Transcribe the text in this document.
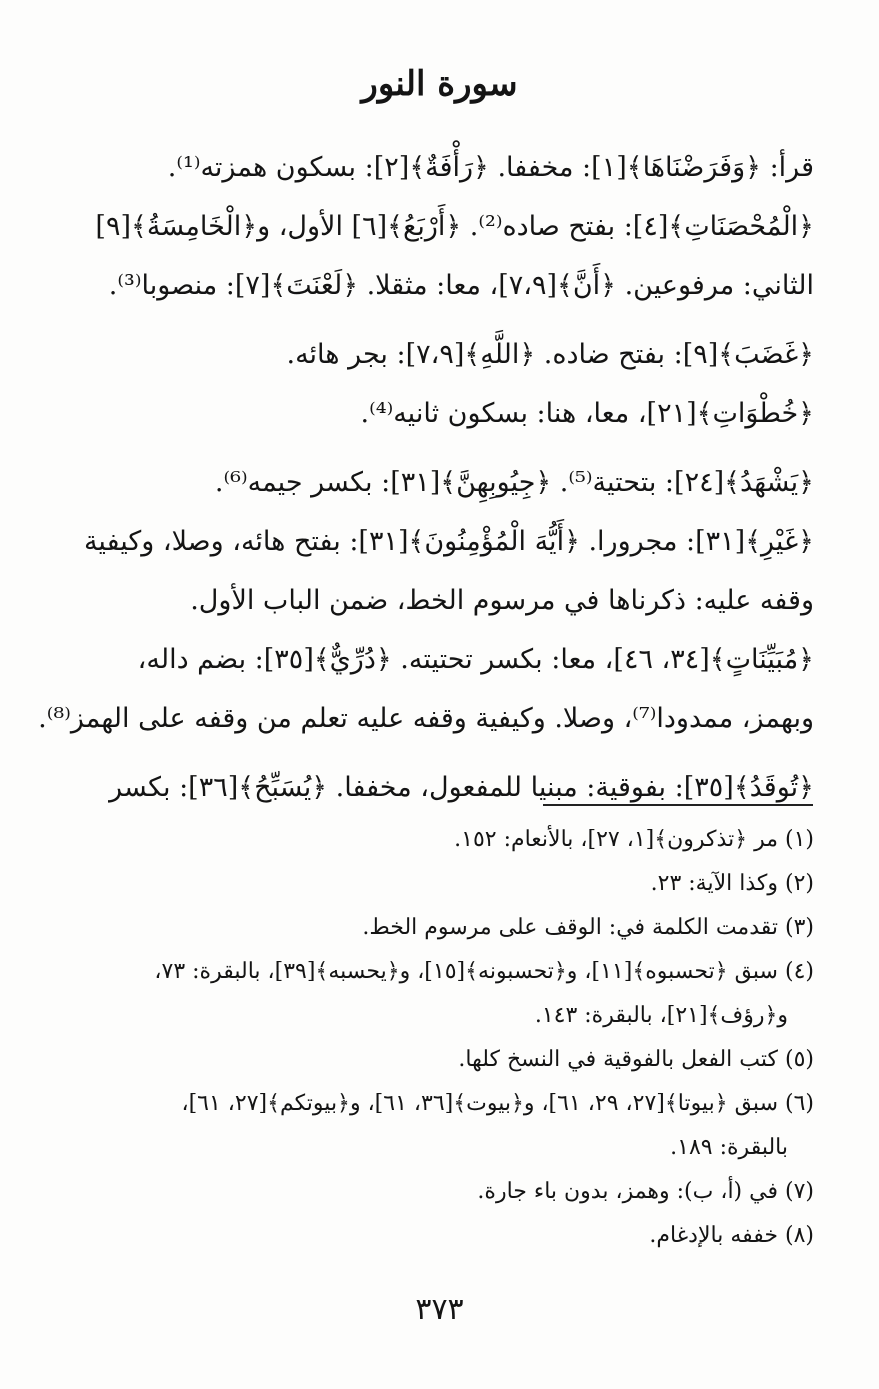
سورة النور

قرأ: ﴿وَفَرَضْنَاهَا﴾[١]: مخففا. ﴿رَأْفَةٌ﴾[٢]: بسكون همزته⁽¹⁾.
﴿الْمُحْصَنَاتِ﴾[٤]: بفتح صاده⁽²⁾. ﴿أَرْبَعُ﴾[٦] الأول، و﴿الْخَامِسَةُ﴾[٩]
الثاني: مرفوعين. ﴿أَنَّ﴾[٧،٩]، معا: مثقلا. ﴿لَعْنَتَ﴾[٧]: منصوبا⁽³⁾.

﴿غَضَبَ﴾[٩]: بفتح ضاده. ﴿اللَّهِ﴾[٧،٩]: بجر هائه.
﴿خُطْوَاتِ﴾[٢١]، معا، هنا: بسكون ثانيه⁽⁴⁾.

﴿يَشْهَدُ﴾[٢٤]: بتحتية⁽⁵⁾. ﴿جِيُوبِهِنَّ﴾[٣١]: بكسر جيمه⁽⁶⁾.
﴿غَيْرِ﴾[٣١]: مجرورا. ﴿أَيُّهَ الْمُؤْمِنُونَ﴾[٣١]: بفتح هائه، وصلا، وكيفية
وقفه عليه: ذكرناها في مرسوم الخط، ضمن الباب الأول.
﴿مُبَيِّنَاتٍ﴾[٣٤، ٤٦]، معا: بكسر تحتيته. ﴿دُرِّيٌّ﴾[٣٥]: بضم داله،
وبهمز، ممدودا⁽⁷⁾، وصلا. وكيفية وقفه عليه تعلم من وقفه على الهمز⁽⁸⁾.

﴿تُوقَدُ﴾[٣٥]: بفوقية: مبنيا للمفعول، مخففا. ﴿يُسَبِّحُ﴾[٣٦]: بكسر

(١) مر ﴿تذكرون﴾[١، ٢٧]، بالأنعام: ١٥٢.
(٢) وكذا الآية: ٢٣.
(٣) تقدمت الكلمة في: الوقف على مرسوم الخط.
(٤) سبق ﴿تحسبوه﴾[١١]، و﴿تحسبونه﴾[١٥]، و﴿يحسبه﴾[٣٩]، بالبقرة: ٧٣،
و﴿رؤف﴾[٢١]، بالبقرة: ١٤٣.
(٥) كتب الفعل بالفوقية في النسخ كلها.
(٦) سبق ﴿بيوتا﴾[٢٧، ٢٩، ٦١]، و﴿بيوت﴾[٣٦، ٦١]، و﴿بيوتكم﴾[٢٧، ٦١]،
بالبقرة: ١٨٩.
(٧) في (أ، ب): وهمز، بدون باء جارة.
(٨) خففه بالإدغام.
٣٧٣
